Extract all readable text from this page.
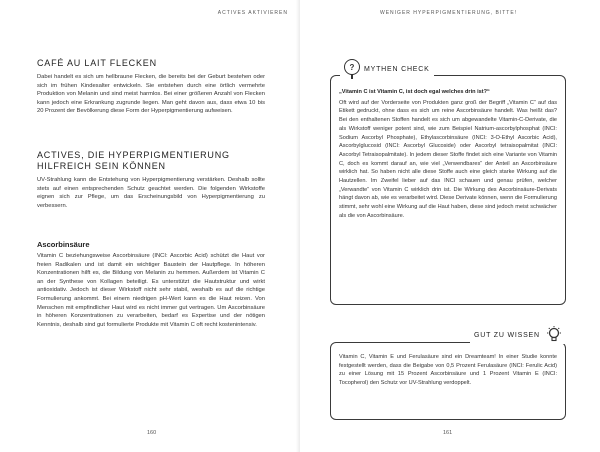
ACTIVES AKTIVIEREN
CAFÉ AU LAIT FLECKEN

Dabei handelt es sich um hellbraune Flecken, die bereits bei der Geburt bestehen oder sich im frühen Kindesalter entwickeln. Sie entstehen durch eine örtlich vermehrte Produktion von Melanin und sind meist harmlos. Bei einer größeren Anzahl von Flecken kann jedoch eine Erkrankung zugrunde liegen. Man geht davon aus, dass etwa 10 bis 20 Prozent der Bevölkerung diese Form der Hyperpigmentierung aufweisen.

ACTIVES, DIE HYPERPIGMENTIERUNG HILFREICH SEIN KÖNNEN

UV-Strahlung kann die Entstehung von Hyperpigmentierung verstärken. Deshalb sollte stets auf einen entsprechenden Schutz geachtet werden. Die folgenden Wirkstoffe eignen sich zur Pflege, um das Erscheinungsbild von Hyperpigmentierung zu verbessern.

Ascorbinsäure

Vitamin C beziehungsweise Ascorbinsäure (INCI: Ascorbic Acid) schützt die Haut vor freien Radikalen und ist damit ein wichtiger Baustein der Hautpflege. In höheren Konzentrationen hilft es, die Bildung von Melanin zu hemmen. Außerdem ist Vitamin C an der Synthese von Kollagen beteiligt. Es unterstützt die Hautstruktur und wirkt antioxidativ. Jedoch ist dieser Wirkstoff nicht sehr stabil, weshalb es auf die richtige Formulierung ankommt. Bei einem niedrigen pH-Wert kann es die Haut reizen. Von Menschen mit empfindlicher Haut wird es nicht immer gut vertragen. Um Ascorbinsäure in höheren Konzentrationen zu verarbeiten, bedarf es Expertise und der nötigen Kenntnis, deshalb sind gut formulierte Produkte mit Vitamin C oft recht kostenintensiv.

160
WENIGER HYPERPIGMENTIERUNG, BITTE!

„Vitamin C ist Vitamin C, ist doch egal welches drin ist?“

Oft wird auf der Vorderseite von Produkten ganz groß der Begriff „Vitamin C“ auf das Etikett gedruckt, ohne dass es sich um reine Ascorbinsäure handelt. Was heißt das? Bei den enthaltenen Stoffen handelt es sich um abgewandelte Vitamin-C-Derivate, die als Wirkstoff weniger potent sind, wie zum Beispiel Natrium-ascorbylphosphat (INCI: Sodium Ascorbyl Phosphate), Ethylascorbinsäure (INCI: 3-O-Ethyl Ascorbic Acid), Ascorbylglucosid (INCI: Ascorbyl Glucoside) oder Ascorbyl tetraisopalmitat (INCI: Ascorbyl Tetraisopalmitate). In jedem dieser Stoffe findet sich eine Variante von Vitamin C, doch es kommt darauf an, wie viel „Verwendbares“ der Anteil an Ascorbinsäure wirklich hat. So haben nicht alle diese Stoffe auch eine gleich starke Wirkung auf die Hautzellen. Im Zweifel lieber auf das INCI schauen und genau prüfen, welcher „Verwandte“ von Vitamin C wirklich drin ist. Die Wirkung des Ascorbinsäure-Derivats hängt davon ab, wie es verarbeitet wird. Diese Derivate können, wenn die Formulierung stimmt, sehr wohl eine Wirkung auf die Haut haben, diese sind jedoch meist schwächer als die von Ascorbinsäure.

?	MYTHEN CHECK

Vitamin C, Vitamin E und Ferulasäure sind ein Dreamteam! In einer Studie konnte festgestellt werden, dass die Beigabe von 0,5 Prozent Ferulasäure (INCI: Ferulic Acid) zu einer Lösung mit 15 Prozent Ascorbinsäure und 1 Prozent Vitamin E (INCI: Tocopherol) den Schutz vor UV-Strahlung verdoppelt.

GUT ZU WISSEN
161
